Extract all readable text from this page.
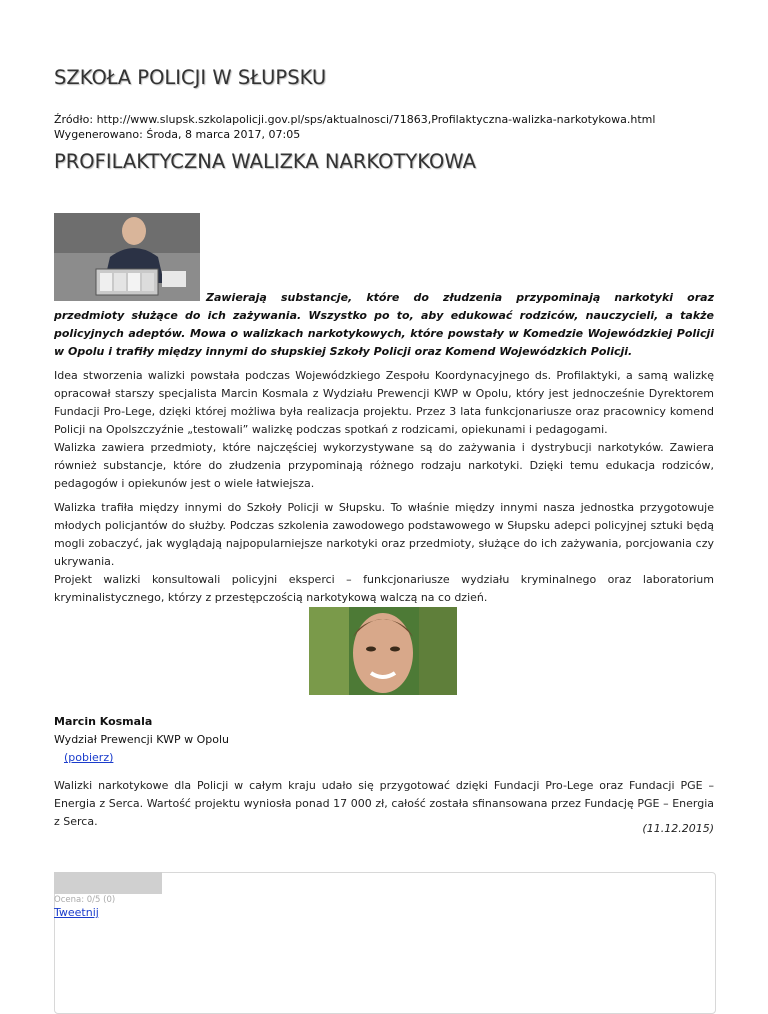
SZKOŁA POLICJI W SŁUPSKU
Źródło: http://www.slupsk.szkolapolicji.gov.pl/sps/aktualnosci/71863,Profilaktyczna-walizka-narkotykowa.html
Wygenerowano: Środa, 8 marca 2017, 07:05
PROFILAKTYCZNA WALIZKA NARKOTYKOWA
Zawierają substancje, które do złudzenia przypominają narkotyki oraz przedmioty służące do ich zażywania. Wszystko po to, aby edukować rodziców, nauczycieli, a także policyjnych adeptów. Mowa o walizkach narkotykowych, które powstały w Komedzie Wojewódzkiej Policji w Opolu i trafiły między innymi do słupskiej Szkoły Policji oraz Komend Wojewódzkich Policji.
Idea stworzenia walizki powstała podczas Wojewódzkiego Zespołu Koordynacyjnego ds. Profilaktyki, a samą walizkę opracował starszy specjalista Marcin Kosmala z Wydziału Prewencji KWP w Opolu, który jest jednocześnie Dyrektorem Fundacji Pro-Lege, dzięki której możliwa była realizacja projektu. Przez 3 lata funkcjonariusze oraz pracownicy komend Policji na Opolszczyźnie „testowali” walizkę podczas spotkań z rodzicami, opiekunami i pedagogami.
Walizka zawiera przedmioty, które najczęściej wykorzystywane są do zażywania i dystrybucji narkotyków. Zawiera również substancje, które do złudzenia przypominają różnego rodzaju narkotyki. Dzięki temu edukacja rodziców, pedagogów i opiekunów jest o wiele łatwiejsza.
Walizka trafiła między innymi do Szkoły Policji w Słupsku. To właśnie między innymi nasza jednostka przygotowuje młodych policjantów do służby. Podczas szkolenia zawodowego podstawowego w Słupsku adepci policyjnej sztuki będą mogli zobaczyć, jak wyglądają najpopularniejsze narkotyki oraz przedmioty, służące do ich zażywania, porcjowania czy ukrywania.
Projekt walizki konsultowali policyjni eksperci – funkcjonariusze wydziału kryminalnego oraz laboratorium kryminalistycznego, którzy z przestępczością narkotykową walczą na co dzień.
Marcin Kosmala
Wydział Prewencji KWP w Opolu
(pobierz)
Walizki narkotykowe dla Policji w całym kraju udało się przygotować dzięki Fundacji Pro-Lege oraz Fundacji PGE – Energia z Serca. Wartość projektu wyniosła ponad 17 000 zł, całość została sfinansowana przez Fundację PGE – Energia z Serca.
(11.12.2015)
Ocena: 0/5 (0)
Tweetnij
